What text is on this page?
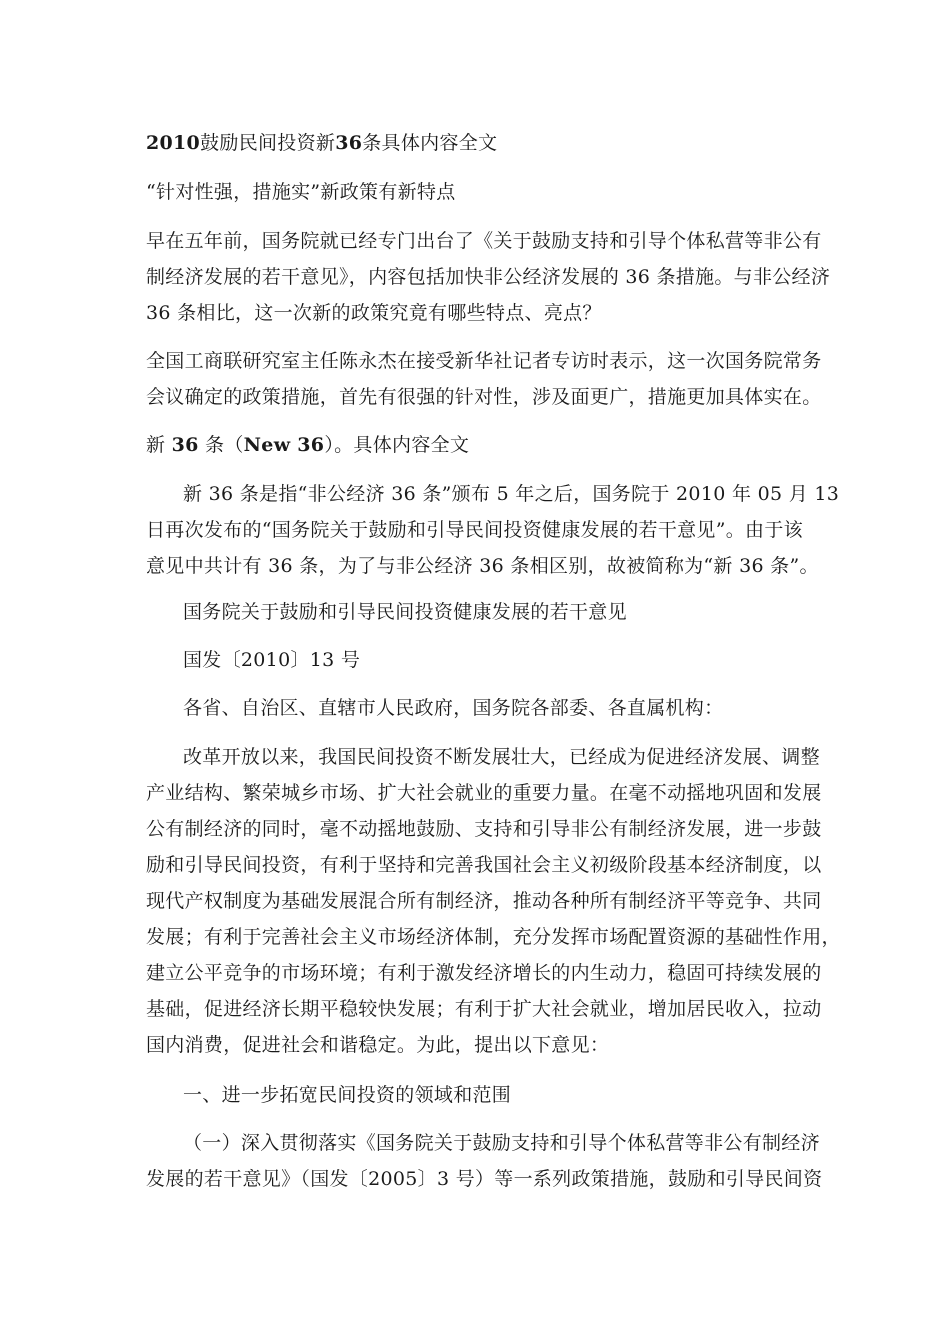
2010鼓励民间投资新36条具体内容全文
“针对性强，措施实”新政策有新特点
早在五年前，国务院就已经专门出台了《关于鼓励支持和引导个体私营等非公有
制经济发展的若干意见》，内容包括加快非公经济发展的 36 条措施。与非公经济
36 条相比，这一次新的政策究竟有哪些特点、亮点？
全国工商联研究室主任陈永杰在接受新华社记者专访时表示，这一次国务院常务
会议确定的政策措施，首先有很强的针对性，涉及面更广，措施更加具体实在。
新 36 条（New 36）。具体内容全文
新 36 条是指“非公经济 36 条”颁布 5 年之后，国务院于 2010 年 05 月 13
日再次发布的“国务院关于鼓励和引导民间投资健康发展的若干意见”。由于该
意见中共计有 36 条，为了与非公经济 36 条相区别，故被简称为“新 36 条”。
国务院关于鼓励和引导民间投资健康发展的若干意见
国发〔2010〕13 号
各省、自治区、直辖市人民政府，国务院各部委、各直属机构：
改革开放以来，我国民间投资不断发展壮大，已经成为促进经济发展、调整
产业结构、繁荣城乡市场、扩大社会就业的重要力量。在毫不动摇地巩固和发展
公有制经济的同时，毫不动摇地鼓励、支持和引导非公有制经济发展，进一步鼓
励和引导民间投资，有利于坚持和完善我国社会主义初级阶段基本经济制度，以
现代产权制度为基础发展混合所有制经济，推动各种所有制经济平等竞争、共同
发展；有利于完善社会主义市场经济体制，充分发挥市场配置资源的基础性作用，
建立公平竞争的市场环境；有利于激发经济增长的内生动力，稳固可持续发展的
基础，促进经济长期平稳较快发展；有利于扩大社会就业，增加居民收入，拉动
国内消费，促进社会和谐稳定。为此，提出以下意见：
一、进一步拓宽民间投资的领域和范围
（一）深入贯彻落实《国务院关于鼓励支持和引导个体私营等非公有制经济
发展的若干意见》（国发〔2005〕3 号）等一系列政策措施，鼓励和引导民间资
